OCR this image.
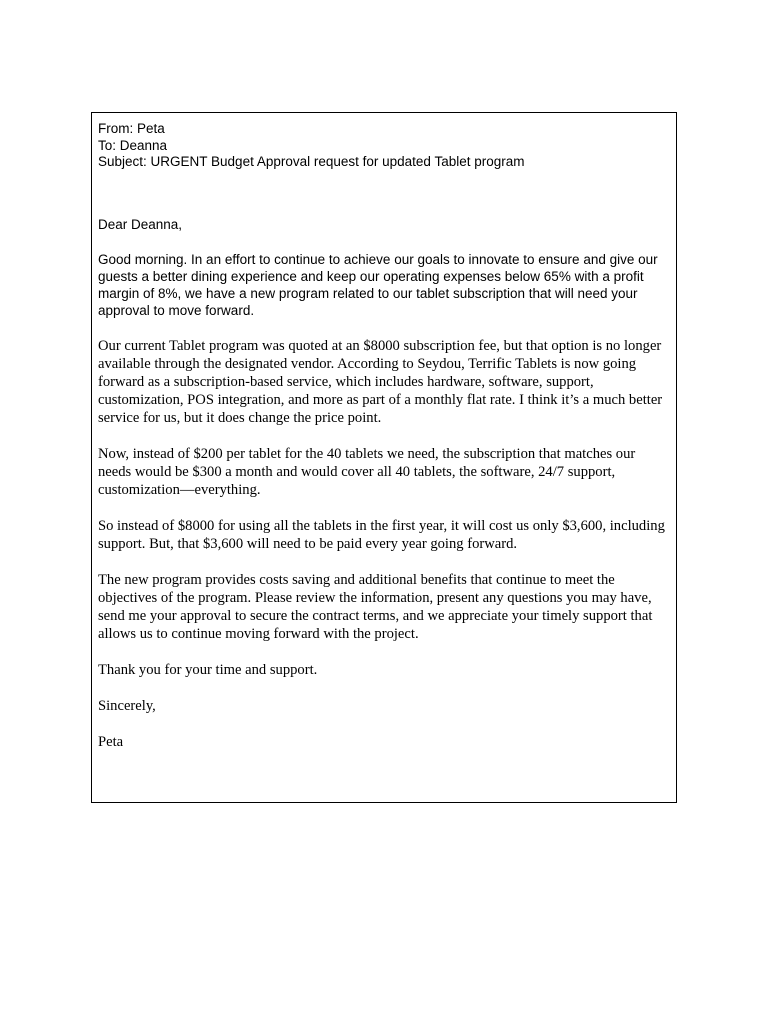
From: Peta

To: Deanna

Subject: URGENT Budget Approval request for updated Tablet program

Dear Deanna,

Good morning. In an effort to continue to achieve our goals to innovate to ensure and give our guests a better dining experience and keep our operating expenses below 65% with a profit margin of 8%, we have a new program related to our tablet subscription that will need your approval to move forward.

Our current Tablet program was quoted at an $8000 subscription fee, but that option is no longer available through the designated vendor. According to Seydou, Terrific Tablets is now going forward as a subscription-based service, which includes hardware, software, support, customization, POS integration, and more as part of a monthly flat rate. I think it’s a much better service for us, but it does change the price point.

Now, instead of $200 per tablet for the 40 tablets we need, the subscription that matches our needs would be $300 a month and would cover all 40 tablets, the software, 24/7 support, customization—everything.

So instead of $8000 for using all the tablets in the first year, it will cost us only $3,600, including support. But, that $3,600 will need to be paid every year going forward.

The new program provides costs saving and additional benefits that continue to meet the objectives of the program. Please review the information, present any questions you may have, send me your approval to secure the contract terms, and we appreciate your timely support that allows us to continue moving forward with the project.

Thank you for your time and support.

Sincerely,

Peta
